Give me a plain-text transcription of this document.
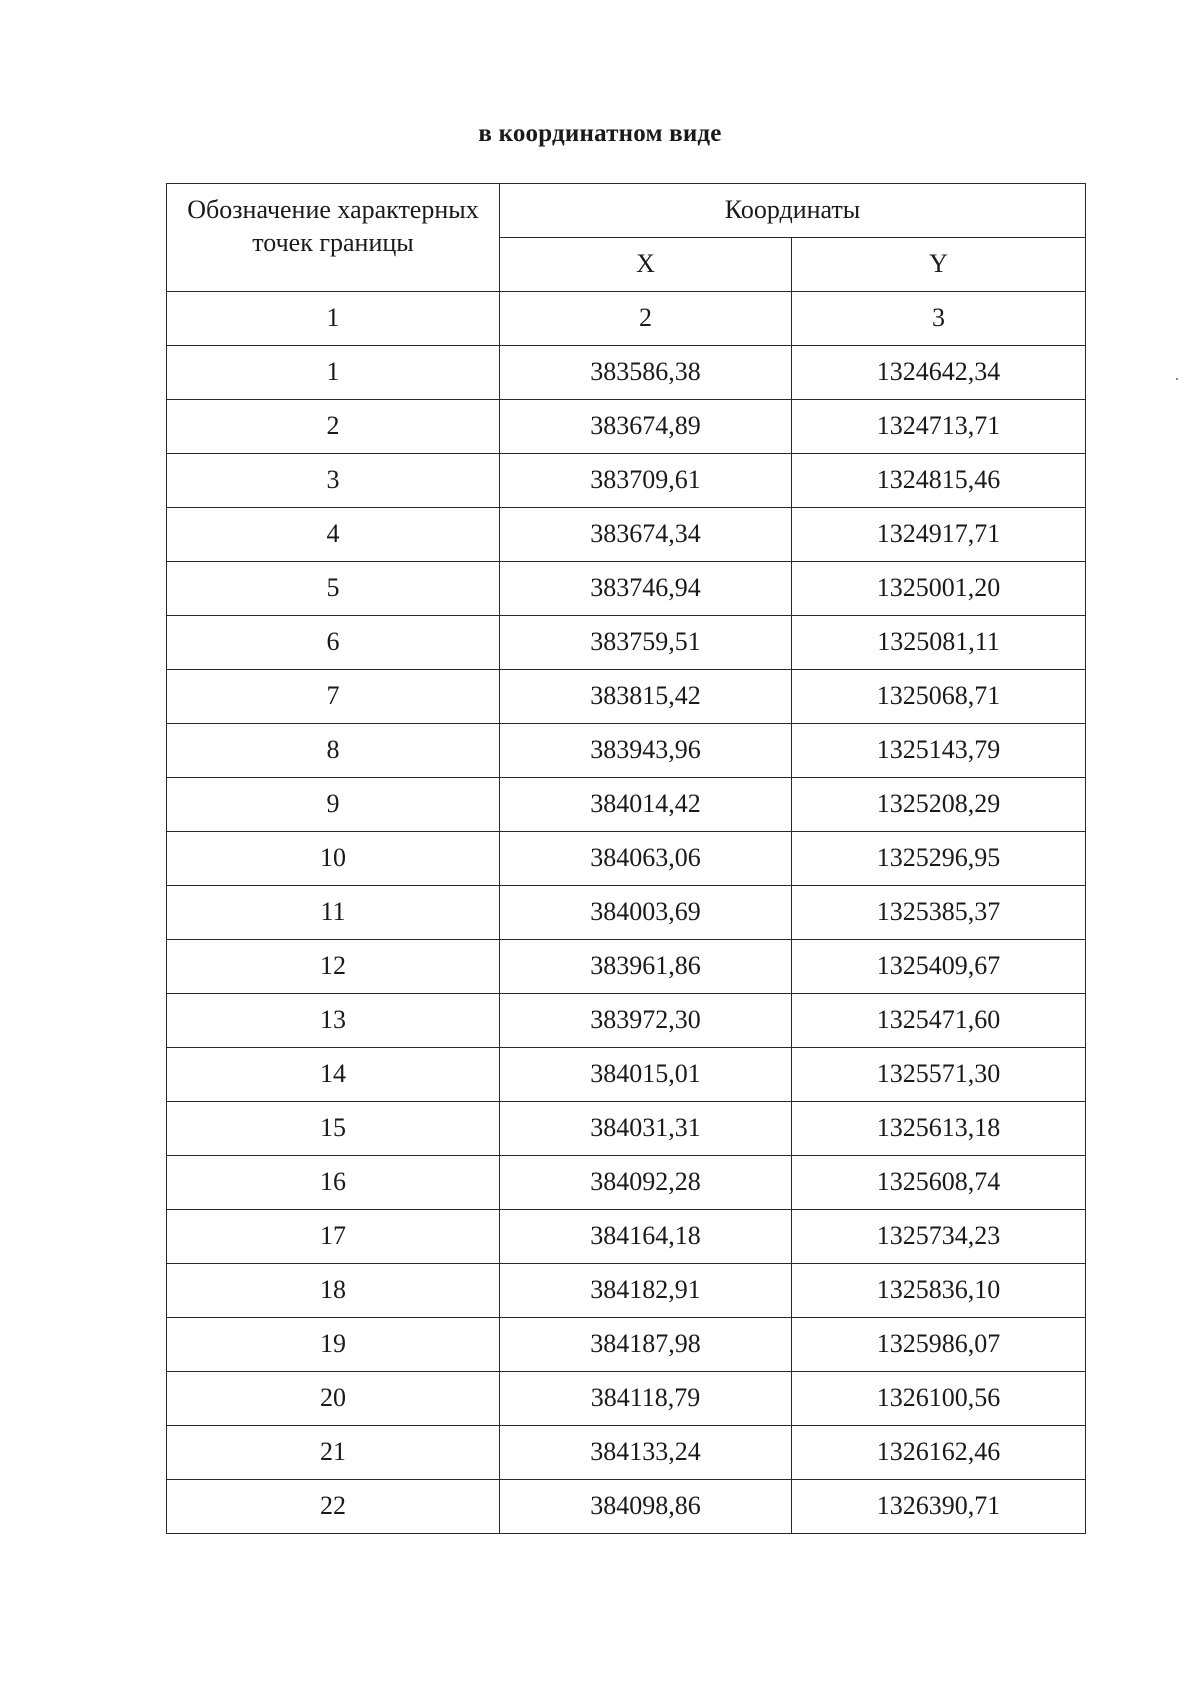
в координатном виде
Обозначение характерных точек границы	Координаты	
	X	Y
1	2	3
1	383586,38	1324642,34
2	383674,89	1324713,71
3	383709,61	1324815,46
4	383674,34	1324917,71
5	383746,94	1325001,20
6	383759,51	1325081,11
7	383815,42	1325068,71
8	383943,96	1325143,79
9	384014,42	1325208,29
10	384063,06	1325296,95
11	384003,69	1325385,37
12	383961,86	1325409,67
13	383972,30	1325471,60
14	384015,01	1325571,30
15	384031,31	1325613,18
16	384092,28	1325608,74
17	384164,18	1325734,23
18	384182,91	1325836,10
19	384187,98	1325986,07
20	384118,79	1326100,56
21	384133,24	1326162,46
22	384098,86	1326390,71
